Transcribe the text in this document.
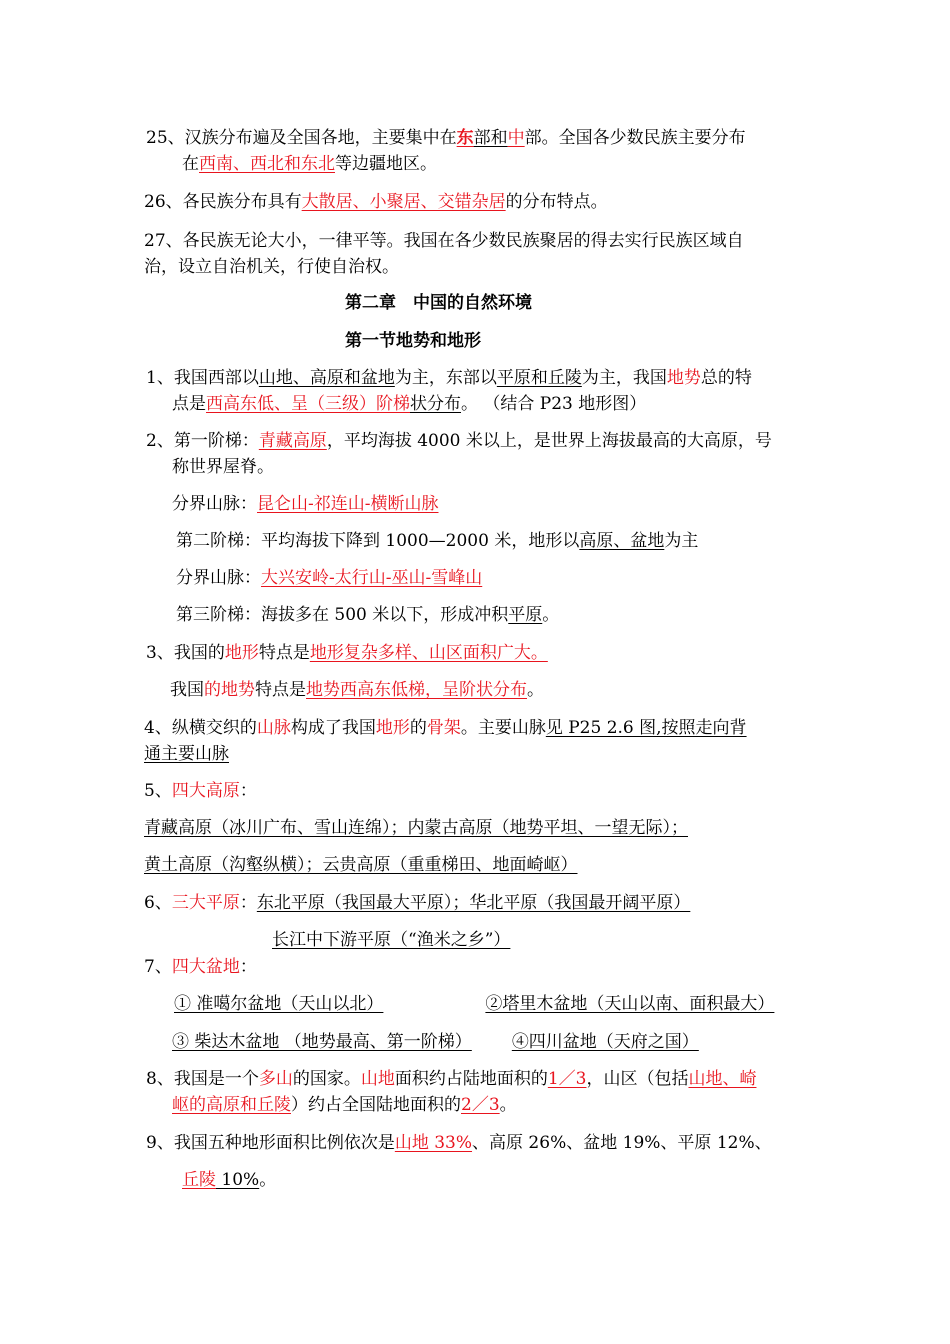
25、汉族分布遍及全国各地，主要集中在东部和中部。全国各少数民族主要分布
在西南、西北和东北等边疆地区。
26、各民族分布具有大散居、小聚居、交错杂居的分布特点。
27、各民族无论大小，一律平等。我国在各少数民族聚居的得去实行民族区域自
治，设立自治机关，行使自治权。
第二章　中国的自然环境
第一节地势和地形
1、我国西部以山地、高原和盆地为主，东部以平原和丘陵为主，我国地势总的特
点是西高东低、呈（三级）阶梯状分布。 （结合 P23 地形图）
2、第一阶梯：青藏高原，平均海拔 4000 米以上，是世界上海拔最高的大高原，号
称世界屋脊。
分界山脉：昆仑山-祁连山-横断山脉
第二阶梯：平均海拔下降到 1000—2000 米，地形以高原、盆地为主
分界山脉：大兴安岭-太行山-巫山-雪峰山
第三阶梯：海拔多在 500 米以下，形成冲积平原。
3、我国的地形特点是地形复杂多样、山区面积广大。
我国的地势特点是地势西高东低梯，呈阶状分布。
4、纵横交织的山脉构成了我国地形的骨架。主要山脉见 P25 2.6 图,按照走向背
通主要山脉
5、四大高原：
青藏高原（冰川广布、雪山连绵）；内蒙古高原（地势平坦、一望无际）；
黄土高原（沟壑纵横）；云贵高原（重重梯田、地面崎岖）
6、三大平原：东北平原（我国最大平原）；华北平原（我国最开阔平原）
长江中下游平原（“渔米之乡”）
7、四大盆地：
① 准噶尔盆地（天山以北）	②塔里木盆地（天山以南、面积最大）
③ 柴达木盆地 （地势最高、第一阶梯） ④四川盆地（天府之国）
8、我国是一个多山的国家。山地面积约占陆地面积的1／3，山区（包括山地、崎
岖的高原和丘陵）约占全国陆地面积的2／3。
9、我国五种地形面积比例依次是山地 33%、高原 26%、盆地 19%、平原 12%、
丘陵 10%。
